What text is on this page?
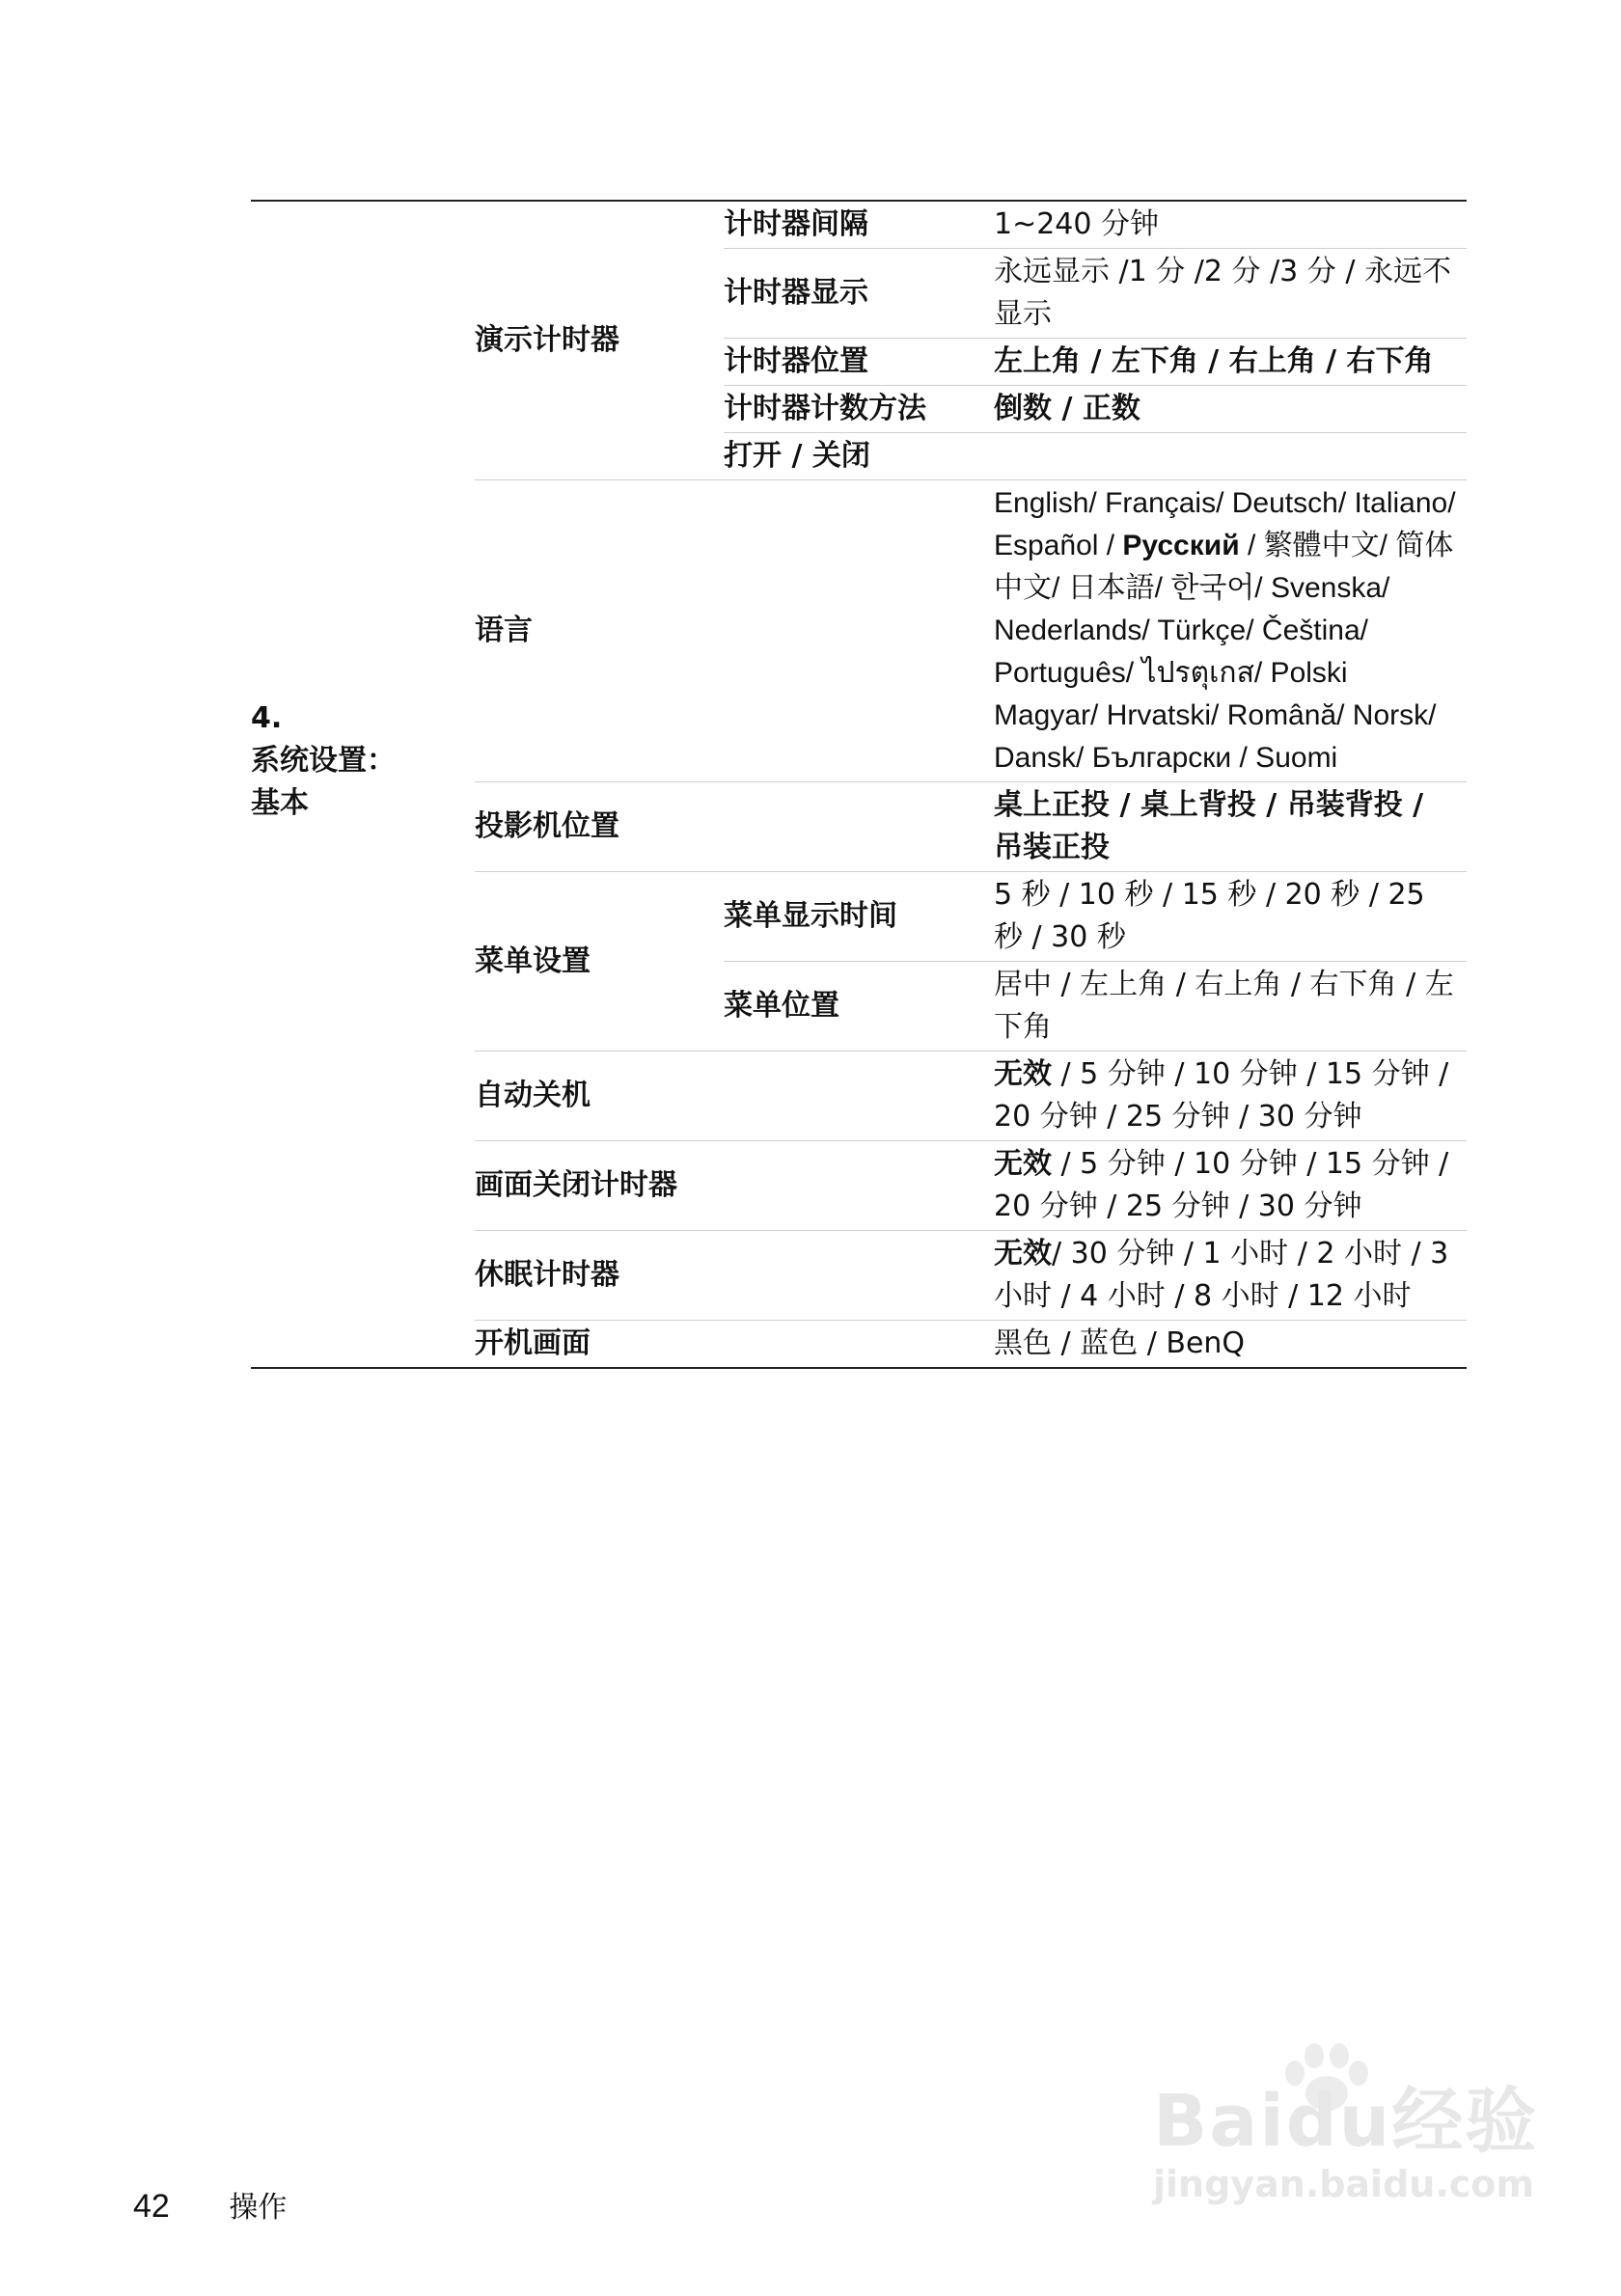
4.
系统设置：
基本	演示计时器	计时器间隔	1~240 分钟
		计时器显示	永远显示 /1 分 /2 分 /3 分 / 永远不显示
		计时器位置	左上角 / 左下角 / 右上角 / 右下角
		计时器计数方法	倒数 / 正数
		打开 / 关闭	
	语言		English/ Français/ Deutsch/ Italiano/ Español / Русский / 繁體中文/ 简体中文/ 日本語/ 한국어/ Svenska/ Nederlands/ Türkçe/ Čeština/ Português/ ไปรตุเกส/ Polski Magyar/ Hrvatski/ Română/ Norsk/ Dansk/ Български / Suomi
	投影机位置		桌上正投 / 桌上背投 / 吊装背投 / 吊装正投
	菜单设置	菜单显示时间	5 秒 / 10 秒 / 15 秒 / 20 秒 / 25 秒 / 30 秒
		菜单位置	居中 / 左上角 / 右上角 / 右下角 / 左下角
	自动关机		无效 / 5 分钟 / 10 分钟 / 15 分钟 / 20 分钟 / 25 分钟 / 30 分钟
	画面关闭计时器		无效 / 5 分钟 / 10 分钟 / 15 分钟 / 20 分钟 / 25 分钟 / 30 分钟
	休眠计时器		无效/ 30 分钟 / 1 小时 / 2 小时 / 3 小时 / 4 小时 / 8 小时 / 12 小时
	开机画面		黑色 / 蓝色 / BenQ
42 操作
Baidu经验
jingyan.baidu.com
